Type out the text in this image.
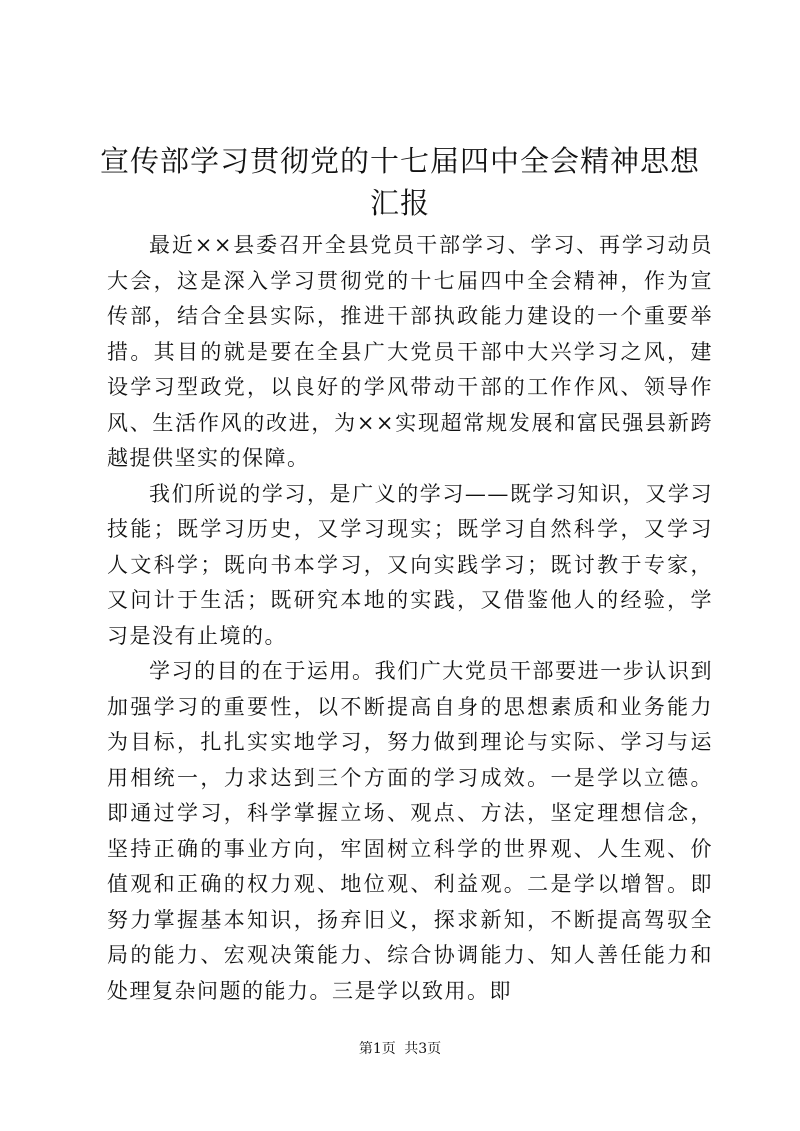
宣传部学习贯彻党的十七届四中全会精神思想汇报

最近××县委召开全县党员干部学习、学习、再学习动员大会，这是深入学习贯彻党的十七届四中全会精神，作为宣传部，结合全县实际，推进干部执政能力建设的一个重要举措。其目的就是要在全县广大党员干部中大兴学习之风，建设学习型政党，以良好的学风带动干部的工作作风、领导作风、生活作风的改进，为××实现超常规发展和富民强县新跨越提供坚实的保障。

我们所说的学习，是广义的学习——既学习知识，又学习技能；既学习历史，又学习现实；既学习自然科学，又学习人文科学；既向书本学习，又向实践学习；既讨教于专家，又问计于生活；既研究本地的实践，又借鉴他人的经验，学习是没有止境的。

学习的目的在于运用。我们广大党员干部要进一步认识到加强学习的重要性，以不断提高自身的思想素质和业务能力为目标，扎扎实实地学习，努力做到理论与实际、学习与运用相统一，力求达到三个方面的学习成效。一是学以立德。即通过学习，科学掌握立场、观点、方法，坚定理想信念，坚持正确的事业方向，牢固树立科学的世界观、人生观、价值观和正确的权力观、地位观、利益观。二是学以增智。即努力掌握基本知识，扬弃旧义，探求新知，不断提高驾驭全局的能力、宏观决策能力、综合协调能力、知人善任能力和处理复杂问题的能力。三是学以致用。即

第1页 共3页
